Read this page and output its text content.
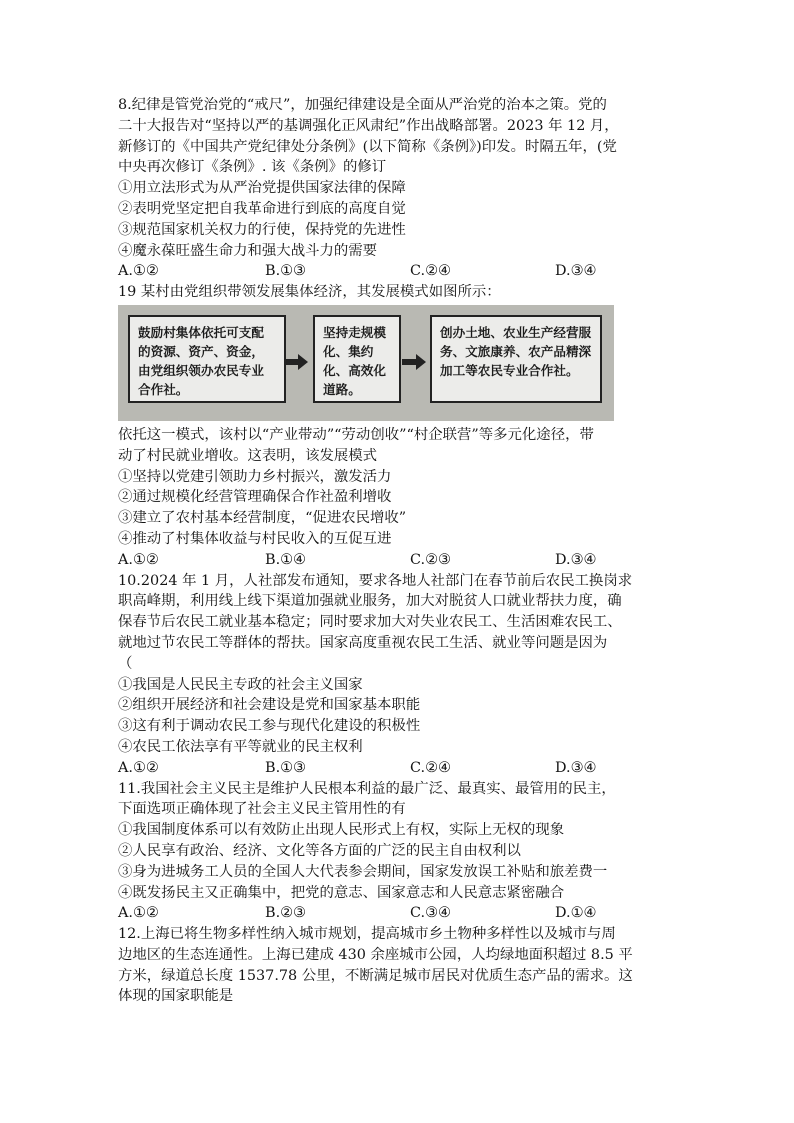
8.纪律是管党治党的“戒尺”，加强纪律建设是全面从严治党的治本之策。党的
二十大报告对“坚持以严的基调强化正风肃纪”作出战略部署。2023 年 12 月，
新修订的《中国共产党纪律处分条例》(以下简称《条例》)印发。时隔五年，(党
中央再次修订《条例》. 该《条例》的修订
①用立法形式为从严治党提供国家法律的保障
②表明党坚定把自我革命进行到底的高度自觉
③规范国家机关权力的行使，保持党的先进性
④魔永葆旺盛生命力和强大战斗力的需要
A.①②	B.①③	C.②④	D.③④
19 某村由党组织带领发展集体经济，其发展模式如图所示：
鼓励村集体依托可支配的资源、资产、资金，由党组织领办农民专业合作社。
坚持走规模化、集约化、高效化道路。
创办土地、农业生产经营服务、文旅康养、农产品精深加工等农民专业合作社。
依托这一模式，该村以“产业带动”“劳动创收”“村企联营”等多元化途径，带
动了村民就业增收。这表明，该发展模式
①坚持以党建引领助力乡村振兴，激发活力
②通过规模化经营管理确保合作社盈利增收
③建立了农村基本经营制度，“促进农民增收”
④推动了村集体收益与村民收入的互促互进
A.①②	B.①④	C.②③	D.③④
10.2024 年 1 月，人社部发布通知，要求各地人社部门在春节前后农民工换岗求
职高峰期，利用线上线下渠道加强就业服务，加大对脱贫人口就业帮扶力度，确
保春节后农民工就业基本稳定；同时要求加大对失业农民工、生活困难农民工、
就地过节农民工等群体的帮扶。国家高度重视农民工生活、就业等问题是因为
（
①我国是人民民主专政的社会主义国家
②组织开展经济和社会建设是党和国家基本职能
③这有利于调动农民工参与现代化建设的积极性
④农民工依法享有平等就业的民主权利
A.①②	B.①③	C.②④	D.③④
11.我国社会主义民主是维护人民根本利益的最广泛、最真实、最管用的民主，
下面选项正确体现了社会主义民主管用性的有
①我国制度体系可以有效防止出现人民形式上有权，实际上无权的现象
②人民享有政治、经济、文化等各方面的广泛的民主自由权利以
③身为进城务工人员的全国人大代表参会期间，国家发放误工补贴和旅差费一
④既发扬民主又正确集中，把党的意志、国家意志和人民意志紧密融合
A.①②	B.②③	C.③④	D.①④
12.上海已将生物多样性纳入城市规划，提高城市乡土物种多样性以及城市与周
边地区的生态连通性。上海已建成 430 余座城市公园，人均绿地面积超过 8.5 平
方米，绿道总长度 1537.78 公里，不断满足城市居民对优质生态产品的需求。这
体现的国家职能是
